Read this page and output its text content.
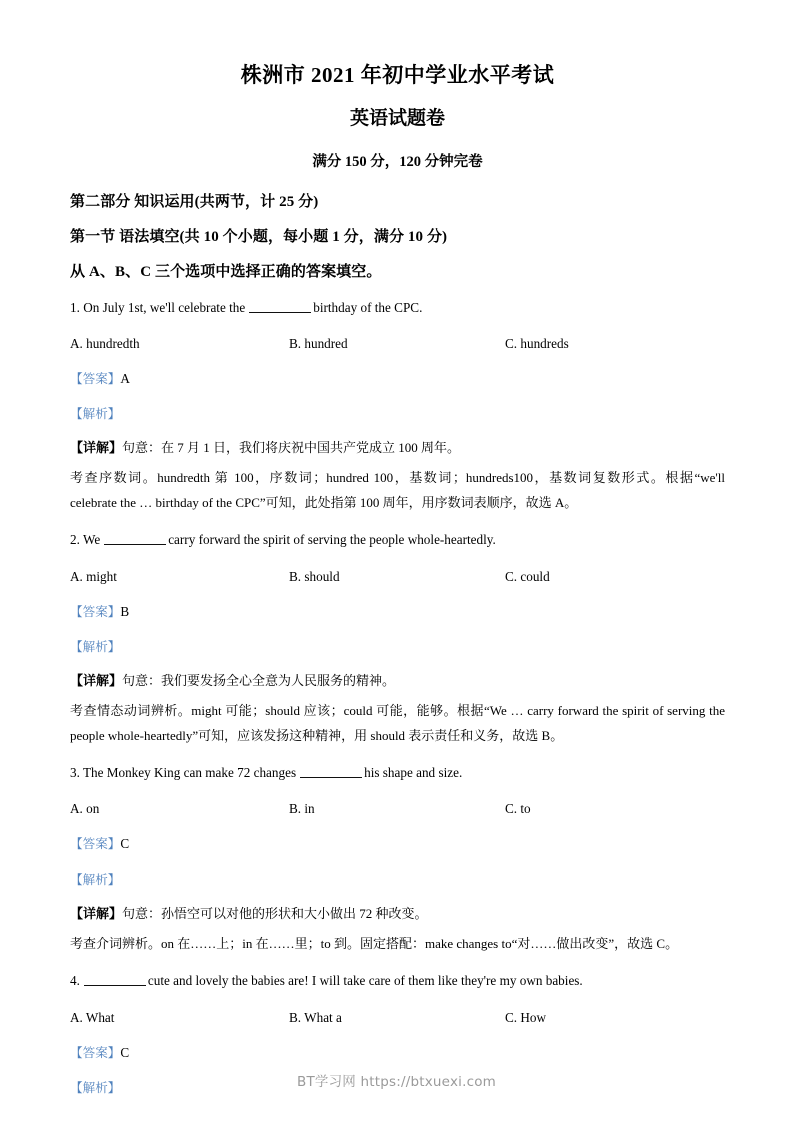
株洲市 2021 年初中学业水平考试
英语试题卷

满分 150 分，120 分钟完卷

第二部分 知识运用(共两节，计 25 分)

第一节 语法填空(共 10 个小题，每小题 1 分，满分 10 分)

从 A、B、C 三个选项中选择正确的答案填空。

1. On July 1st, we'll celebrate the	birthday of the CPC.

A. hundredth	B. hundred	C. hundreds

【答案】A

【解析】

【详解】句意：在 7 月 1 日，我们将庆祝中国共产党成立 100 周年。

考查序数词。hundredth 第 100，序数词；hundred 100，基数词；hundreds100，基数词复数形式。根据“we'll celebrate the … birthday of the CPC”可知，此处指第 100 周年，用序数词表顺序，故选 A。

2. We	carry forward the spirit of serving the people whole-heartedly.

A. might	B. should	C. could

【答案】B

【解析】

【详解】句意：我们要发扬全心全意为人民服务的精神。

考查情态动词辨析。might 可能；should 应该；could 可能，能够。根据“We … carry forward the spirit of serving the people whole-heartedly”可知，应该发扬这种精神，用 should 表示责任和义务，故选 B。

3. The Monkey King can make 72 changes	his shape and size.

A. on	B. in	C. to

【答案】C

【解析】

【详解】句意：孙悟空可以对他的形状和大小做出 72 种改变。

考查介词辨析。on 在……上；in 在……里；to 到。固定搭配：make changes to“对……做出改变”，故选 C。

4.	cute and lovely the babies are! I will take care of them like they're my own babies.

A. What	B. What a	C. How

【答案】C

【解析】	BT学习网 https://btxuexi.com
